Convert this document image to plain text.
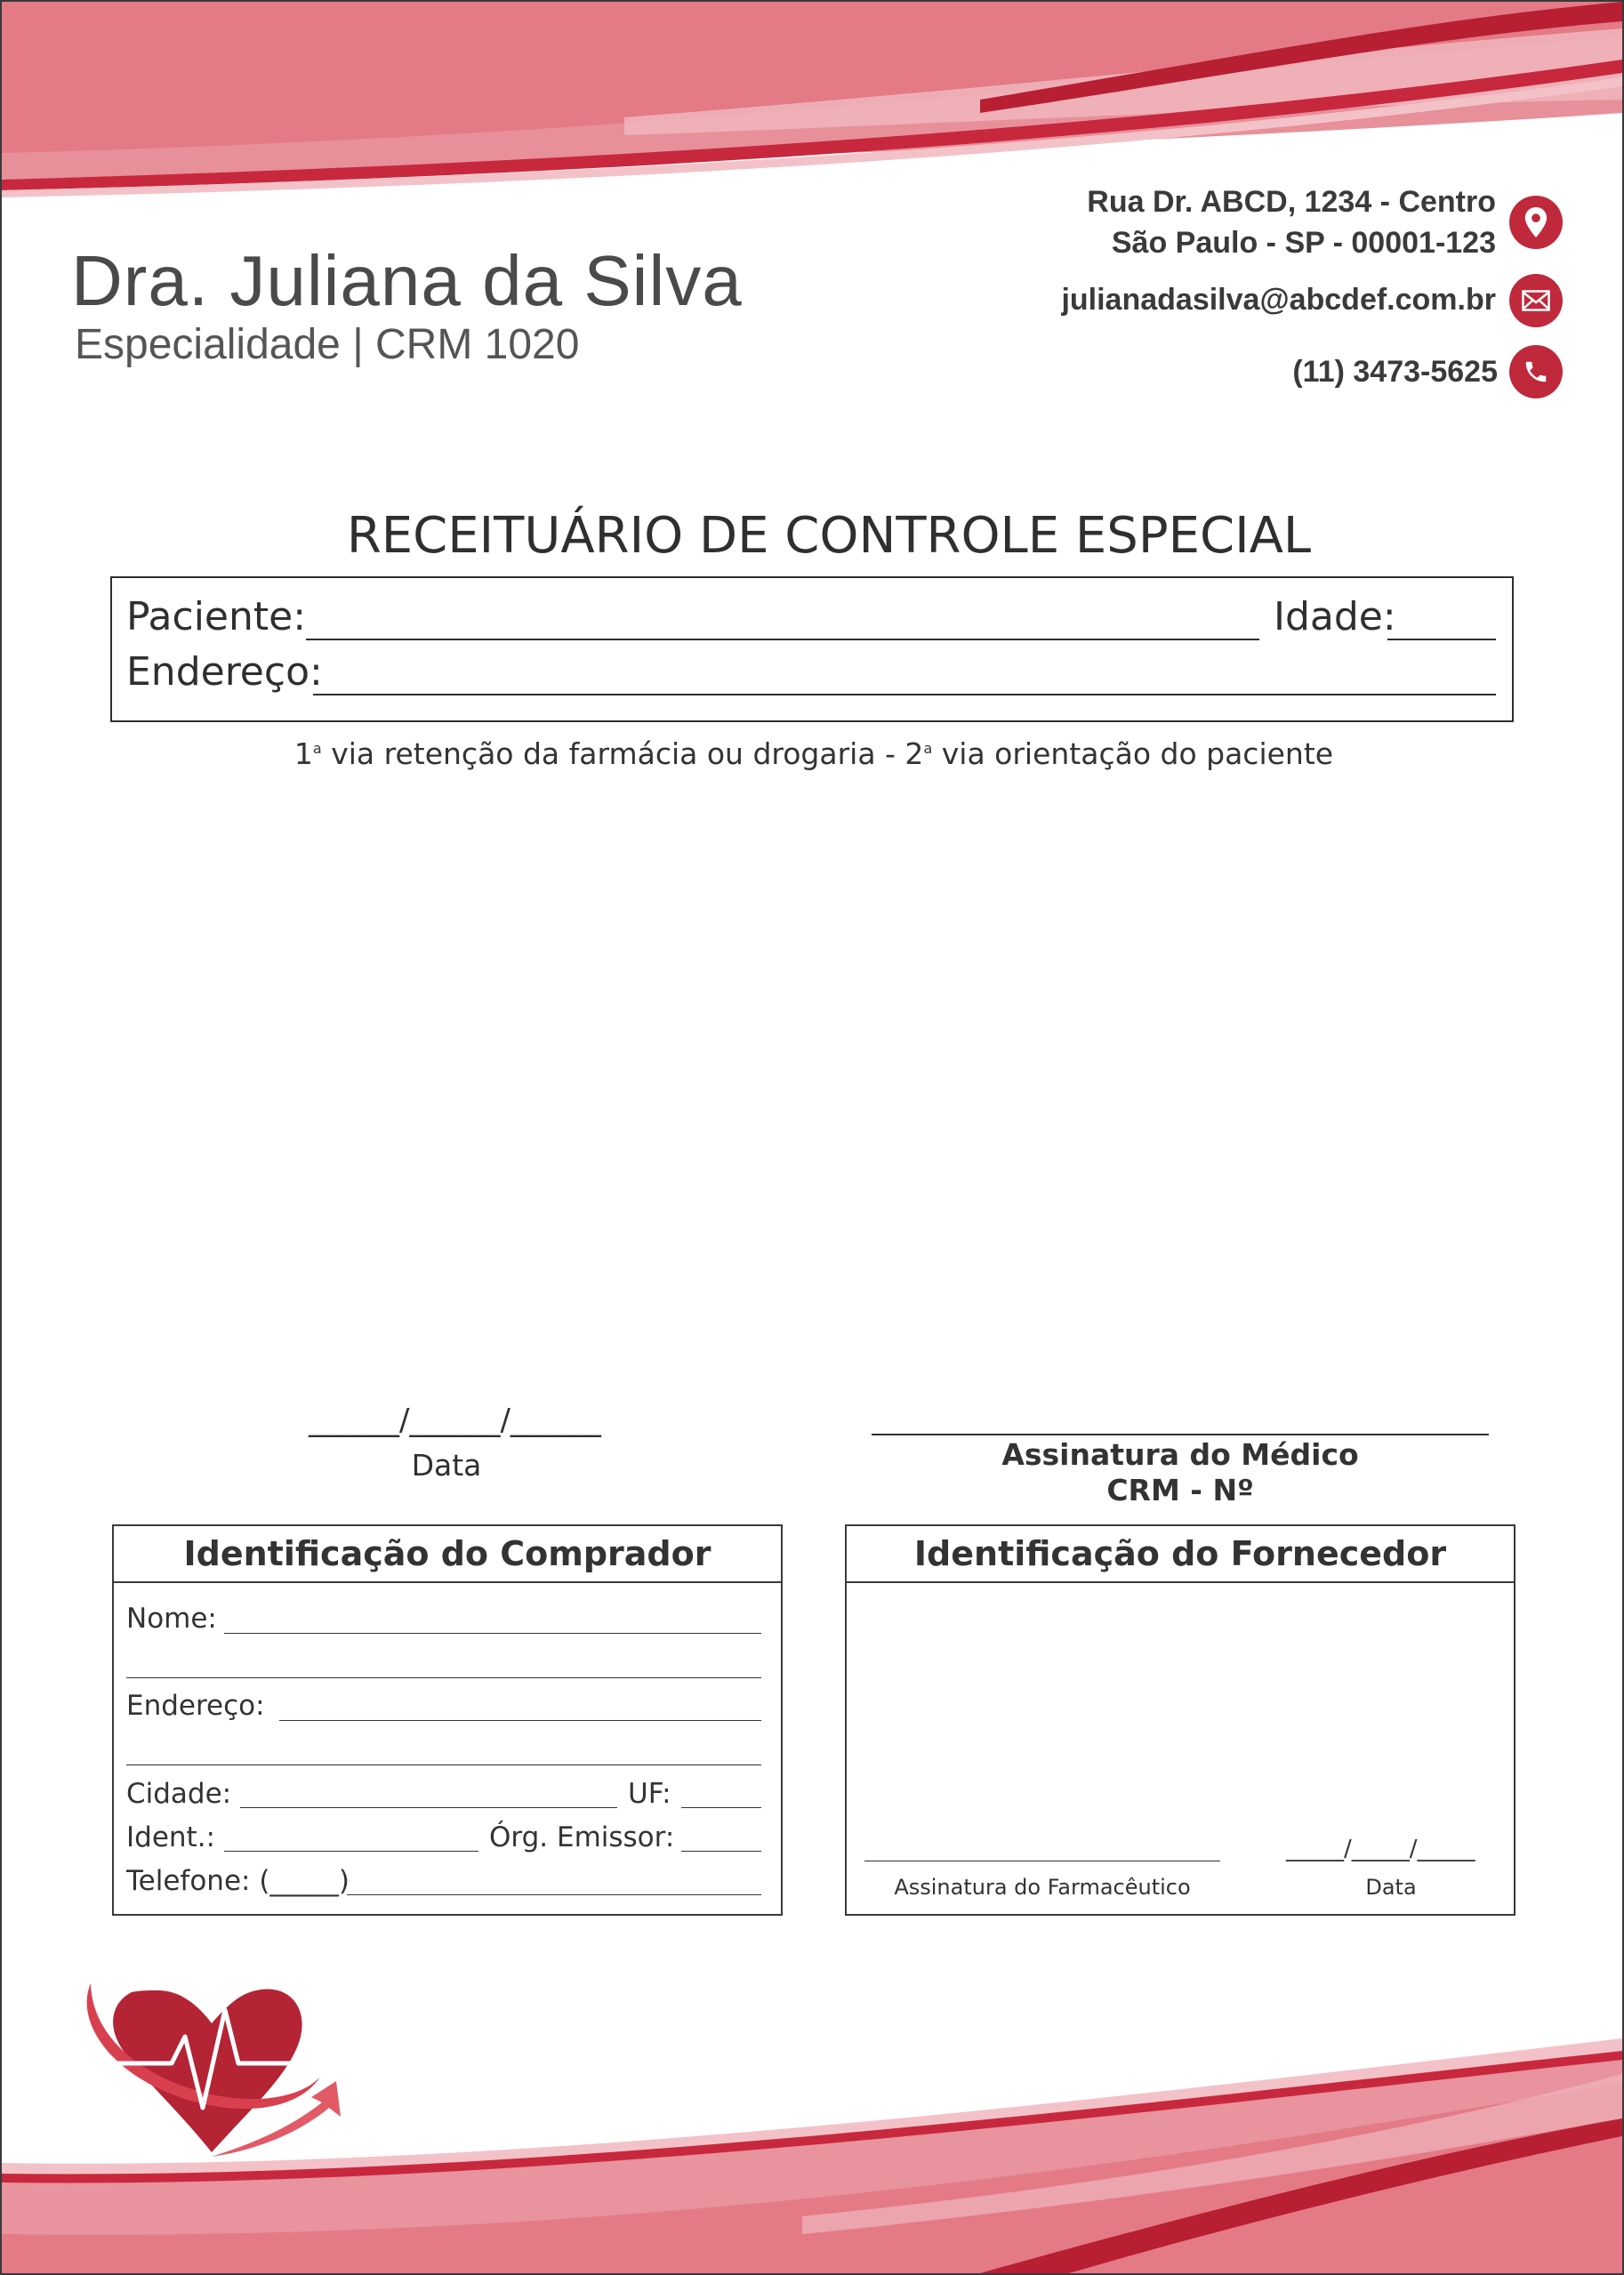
Dra. Juliana da Silva
Especialidade | CRM 1020
Rua Dr. ABCD, 1234 - Centro
São Paulo - SP - 00001-123
julianadasilva@abcdef.com.br
(11) 3473-5625
RECEITUÁRIO DE CONTROLE ESPECIAL
Paciente:	Idade:
Endereço:
1$^a$ via retenção da farmácia ou drogaria - 2$^a$ via orientação do paciente
______/______/______
Data	Assinatura do Médico
CRM - Nº
Identificação do Comprador
Nome:
Endereço:
Cidade:	UF:
Ident.:	Órg. Emissor:
Telefone: (_____)
Identificação do Fornecedor
Assinatura do Farmacêutico
_____/_____/_____
Data
